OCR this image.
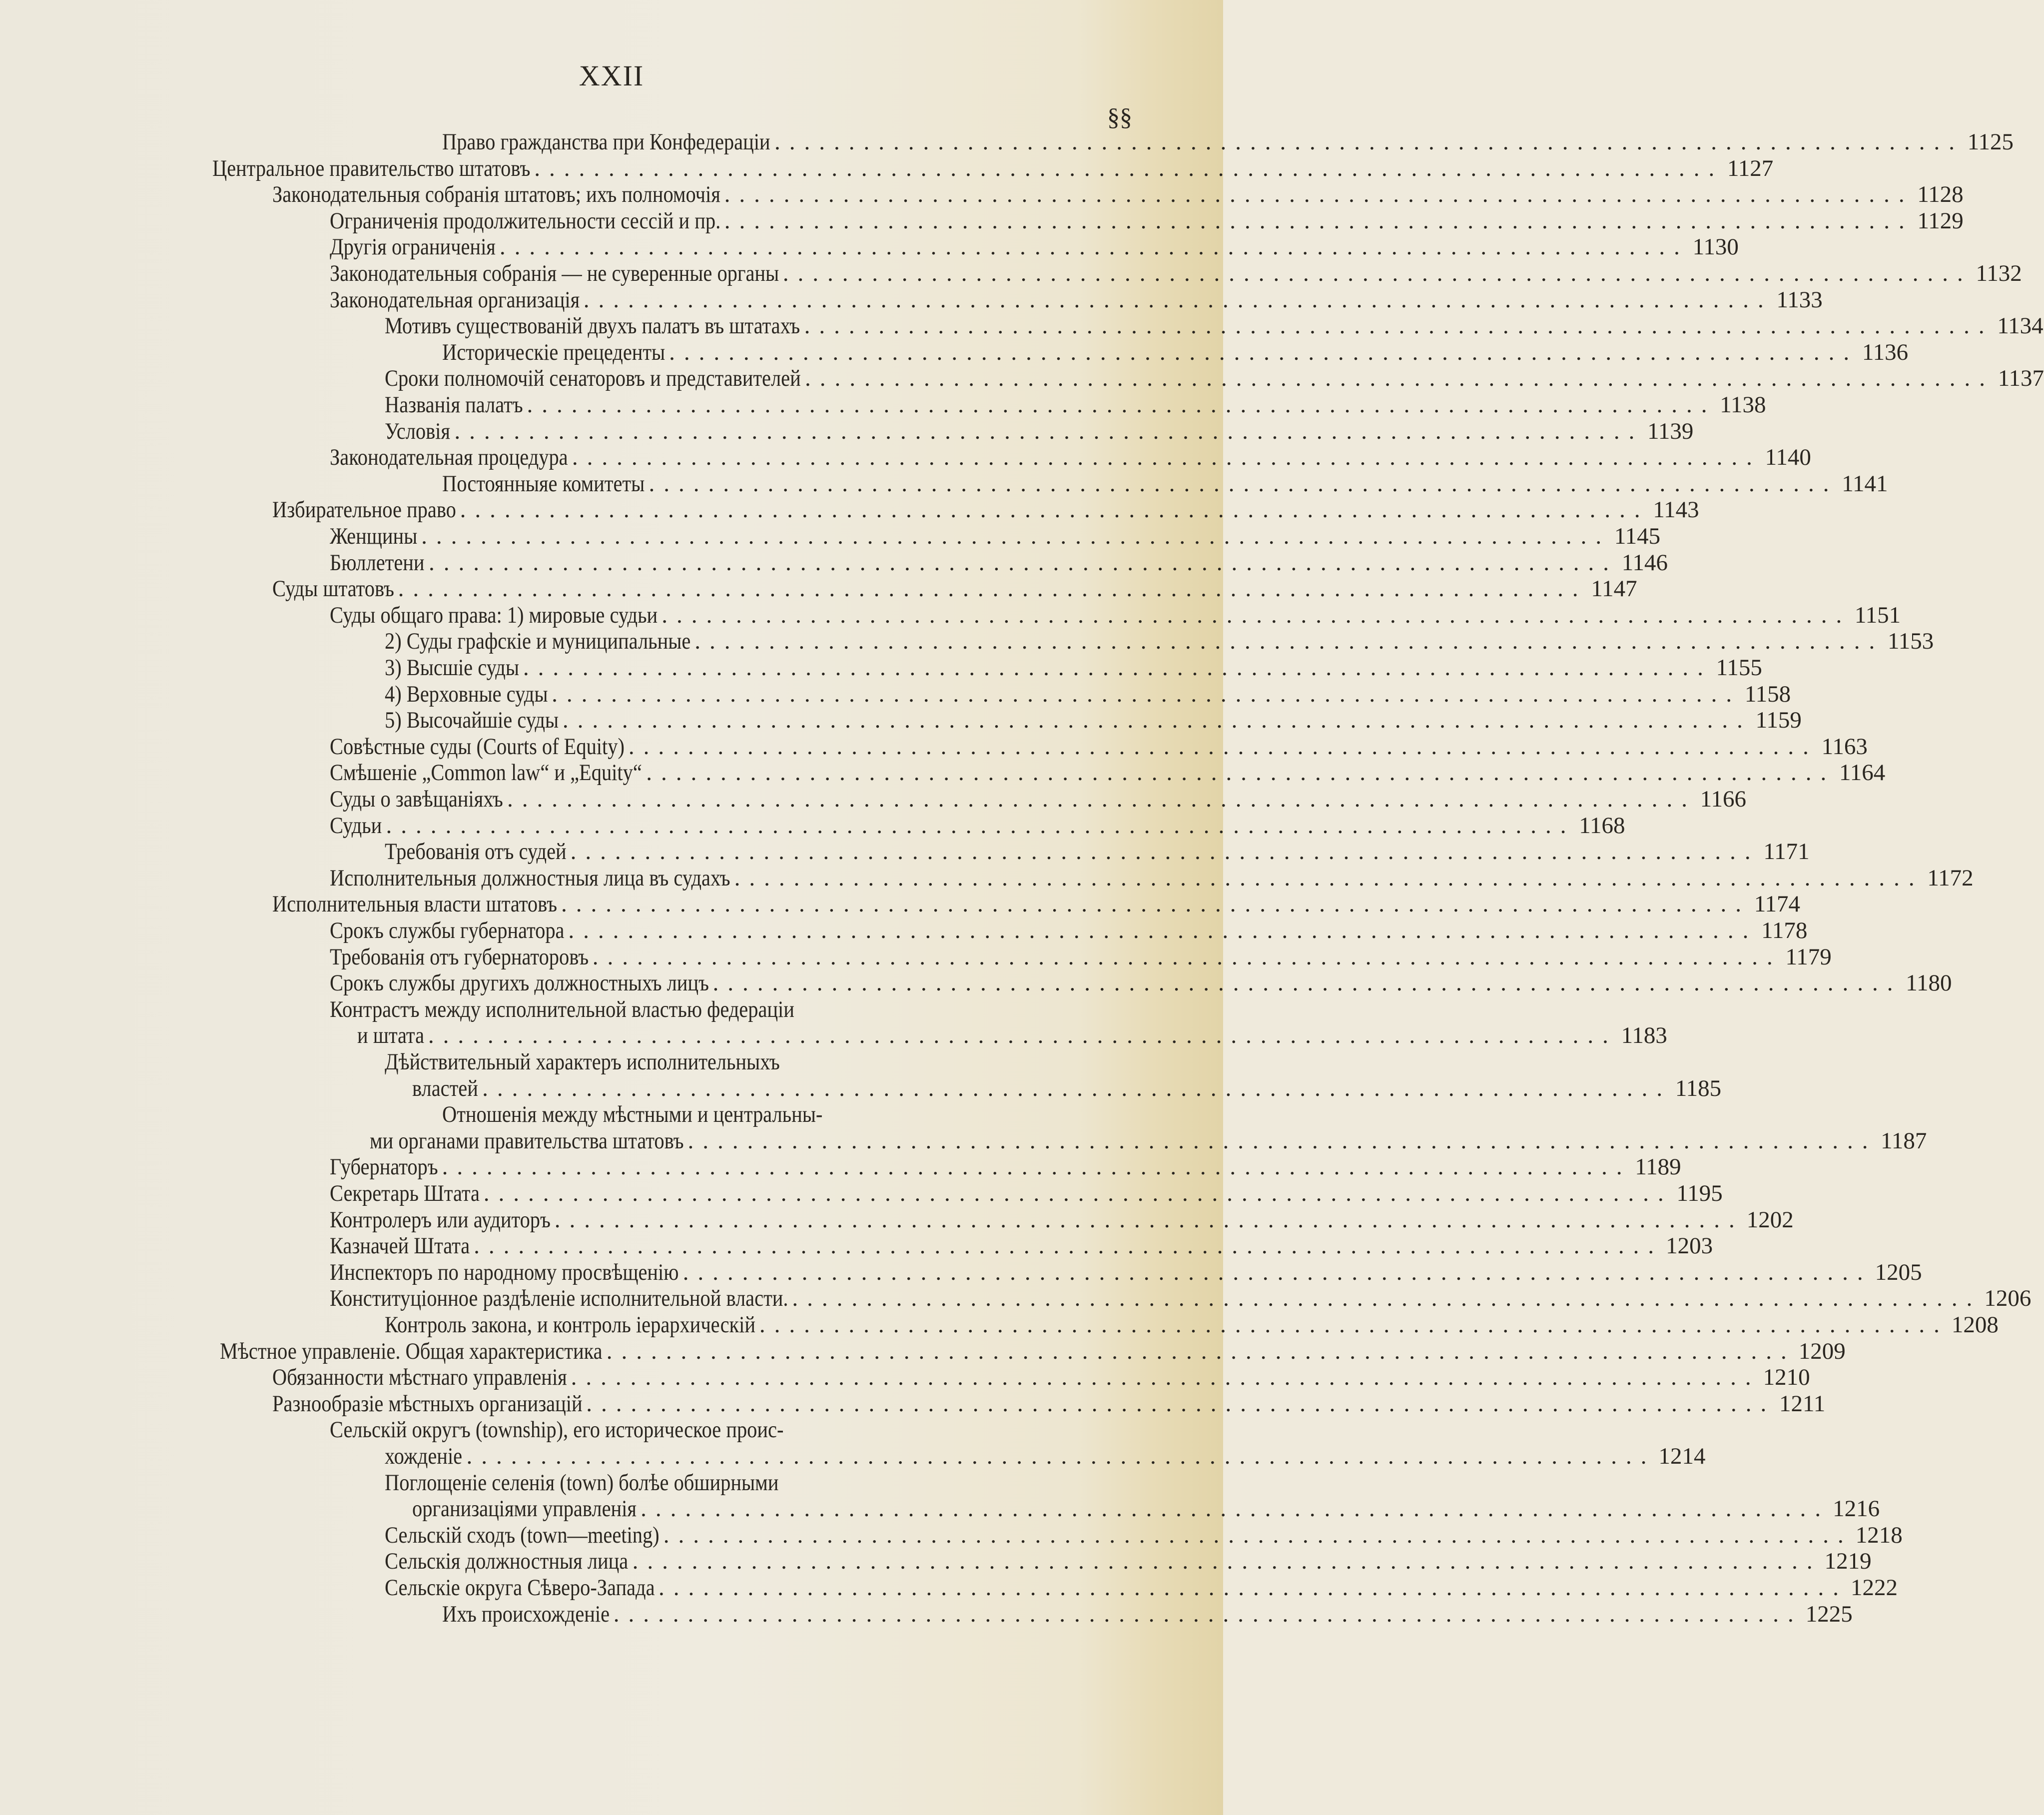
XXII
§§
Право гражданства при Конфедераціи ................................................................................ 1125
Центральное правительство штатовъ ................................................................................ 1127
Законодательныя собранія штатовъ; ихъ полномочія ................................................................................ 1128
Ограниченія продолжительности сессій и пр. ................................................................................ 1129
Другія ограниченія ................................................................................ 1130
Законодательныя собранія — не суверенные органы ................................................................................ 1132
Законодательная организація ................................................................................ 1133
Мотивъ существованій двухъ палатъ въ штатахъ ................................................................................ 1134
Историческіе прецеденты ................................................................................ 1136
Сроки полномочій сенаторовъ и представителей ................................................................................ 1137
Названія палатъ ................................................................................ 1138
Условія ................................................................................ 1139
Законодательная процедура ................................................................................ 1140
Постоянныяе комитеты ................................................................................ 1141
Избирательное право ................................................................................ 1143
Женщины ................................................................................ 1145
Бюллетени ................................................................................ 1146
Суды штатовъ ................................................................................ 1147
Суды общаго права: 1) мировые судьи ................................................................................ 1151
2) Суды графскіе и муниципальные ................................................................................ 1153
3) Высшіе суды ................................................................................ 1155
4) Верховные суды ................................................................................ 1158
5) Высочайшіе суды ................................................................................ 1159
Совѣстные суды (Courts of Equity) ................................................................................ 1163
Смѣшеніе „Common law“ и „Equity“ ................................................................................ 1164
Суды о завѣщаніяхъ ................................................................................ 1166
Судьи ................................................................................ 1168
Требованія отъ судей ................................................................................ 1171
Исполнительныя должностныя лица въ судахъ ................................................................................ 1172
Исполнительныя власти штатовъ ................................................................................ 1174
Срокъ службы губернатора ................................................................................ 1178
Требованія отъ губернаторовъ ................................................................................ 1179
Срокъ службы другихъ должностныхъ лицъ ................................................................................ 1180
Контрастъ между исполнительной властью федераціи
и штата ................................................................................ 1183
Дѣйствительный характеръ исполнительныхъ
властей ................................................................................ 1185
Отношенія между мѣстными и центральны-
ми органами правительства штатовъ ................................................................................ 1187
Губернаторъ ................................................................................ 1189
Секретарь Штата ................................................................................ 1195
Контролеръ или аудиторъ ................................................................................ 1202
Казначей Штата ................................................................................ 1203
Инспекторъ по народному просвѣщенію ................................................................................ 1205
Конституціонное раздѣленіе исполнительной власти. ................................................................................ 1206
Контроль закона, и контроль іерархическій ................................................................................ 1208
Мѣстное управленіе. Общая характеристика ................................................................................ 1209
Обязанности мѣстнаго управленія ................................................................................ 1210
Разнообразіе мѣстныхъ организацій ................................................................................ 1211
Сельскій округъ (township), его историческое проис-
хожденіе ................................................................................ 1214
Поглощеніе селенія (town) болѣе обширными
организаціями управленія ................................................................................ 1216
Сельскій сходъ (town—meeting) ................................................................................ 1218
Сельскія должностныя лица ................................................................................ 1219
Сельскіе округа Сѣверо-Запада ................................................................................ 1222
Ихъ происхожденіе ................................................................................ 1225
